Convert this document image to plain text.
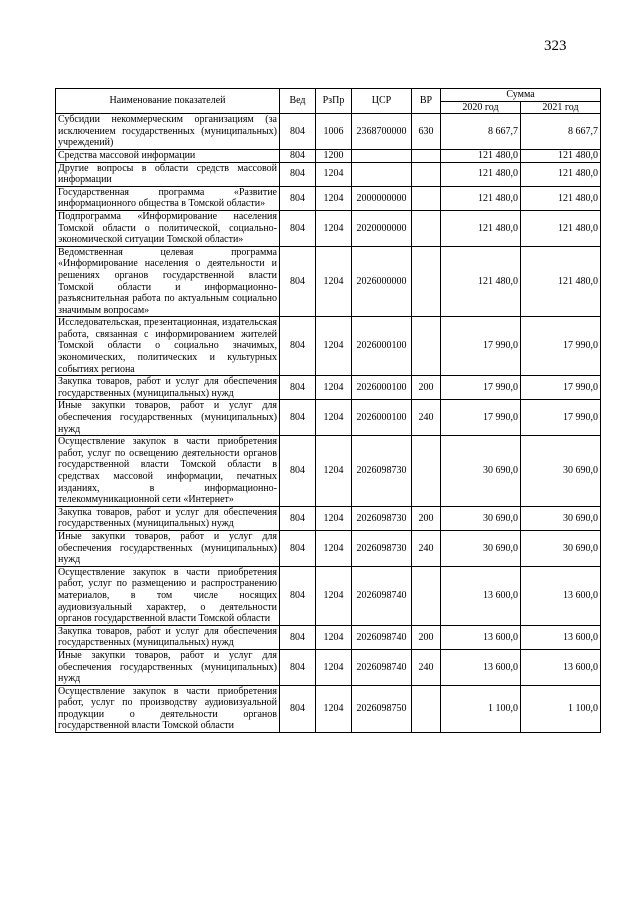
323
Наименование показателей	Вед	РзПр	ЦСР	ВР	Сумма	
					2020 год	2021 год
Субсидии некоммерческим организациям (за исключением государственных (муниципальных) учреждений)	804	1006	2368700000	630	8 667,7	8 667,7
Средства массовой информации	804	1200			121 480,0	121 480,0
Другие вопросы в области средств массовой информации	804	1204			121 480,0	121 480,0
Государственная программа «Развитие информационного общества в Томской области»	804	1204	2000000000		121 480,0	121 480,0
Подпрограмма «Информирование населения Томской области о политической, социально-экономической ситуации Томской области»	804	1204	2020000000		121 480,0	121 480,0
Ведомственная целевая программа «Информирование населения о деятельности и решениях органов государственной власти Томской области и информационно-разъяснительная работа по актуальным социально значимым вопросам»	804	1204	2026000000		121 480,0	121 480,0
Исследовательская, презентационная, издательская работа, связанная с информированием жителей Томской области о социально значимых, экономических, политических и культурных событиях региона	804	1204	2026000100		17 990,0	17 990,0
Закупка товаров, работ и услуг для обеспечения государственных (муниципальных) нужд	804	1204	2026000100	200	17 990,0	17 990,0
Иные закупки товаров, работ и услуг для обеспечения государственных (муниципальных) нужд	804	1204	2026000100	240	17 990,0	17 990,0
Осуществление закупок в части приобретения работ, услуг по освещению деятельности органов государственной власти Томской области в средствах массовой информации, печатных изданиях, в информационно-телекоммуникационной сети «Интернет»	804	1204	2026098730		30 690,0	30 690,0
Закупка товаров, работ и услуг для обеспечения государственных (муниципальных) нужд	804	1204	2026098730	200	30 690,0	30 690,0
Иные закупки товаров, работ и услуг для обеспечения государственных (муниципальных) нужд	804	1204	2026098730	240	30 690,0	30 690,0
Осуществление закупок в части приобретения работ, услуг по размещению и распространению материалов, в том числе носящих аудиовизуальный характер, о деятельности органов государственной власти Томской области	804	1204	2026098740		13 600,0	13 600,0
Закупка товаров, работ и услуг для обеспечения государственных (муниципальных) нужд	804	1204	2026098740	200	13 600,0	13 600,0
Иные закупки товаров, работ и услуг для обеспечения государственных (муниципальных) нужд	804	1204	2026098740	240	13 600,0	13 600,0
Осуществление закупок в части приобретения работ, услуг по производству аудиовизуальной продукции о деятельности органов государственной власти Томской области	804	1204	2026098750		1 100,0	1 100,0
